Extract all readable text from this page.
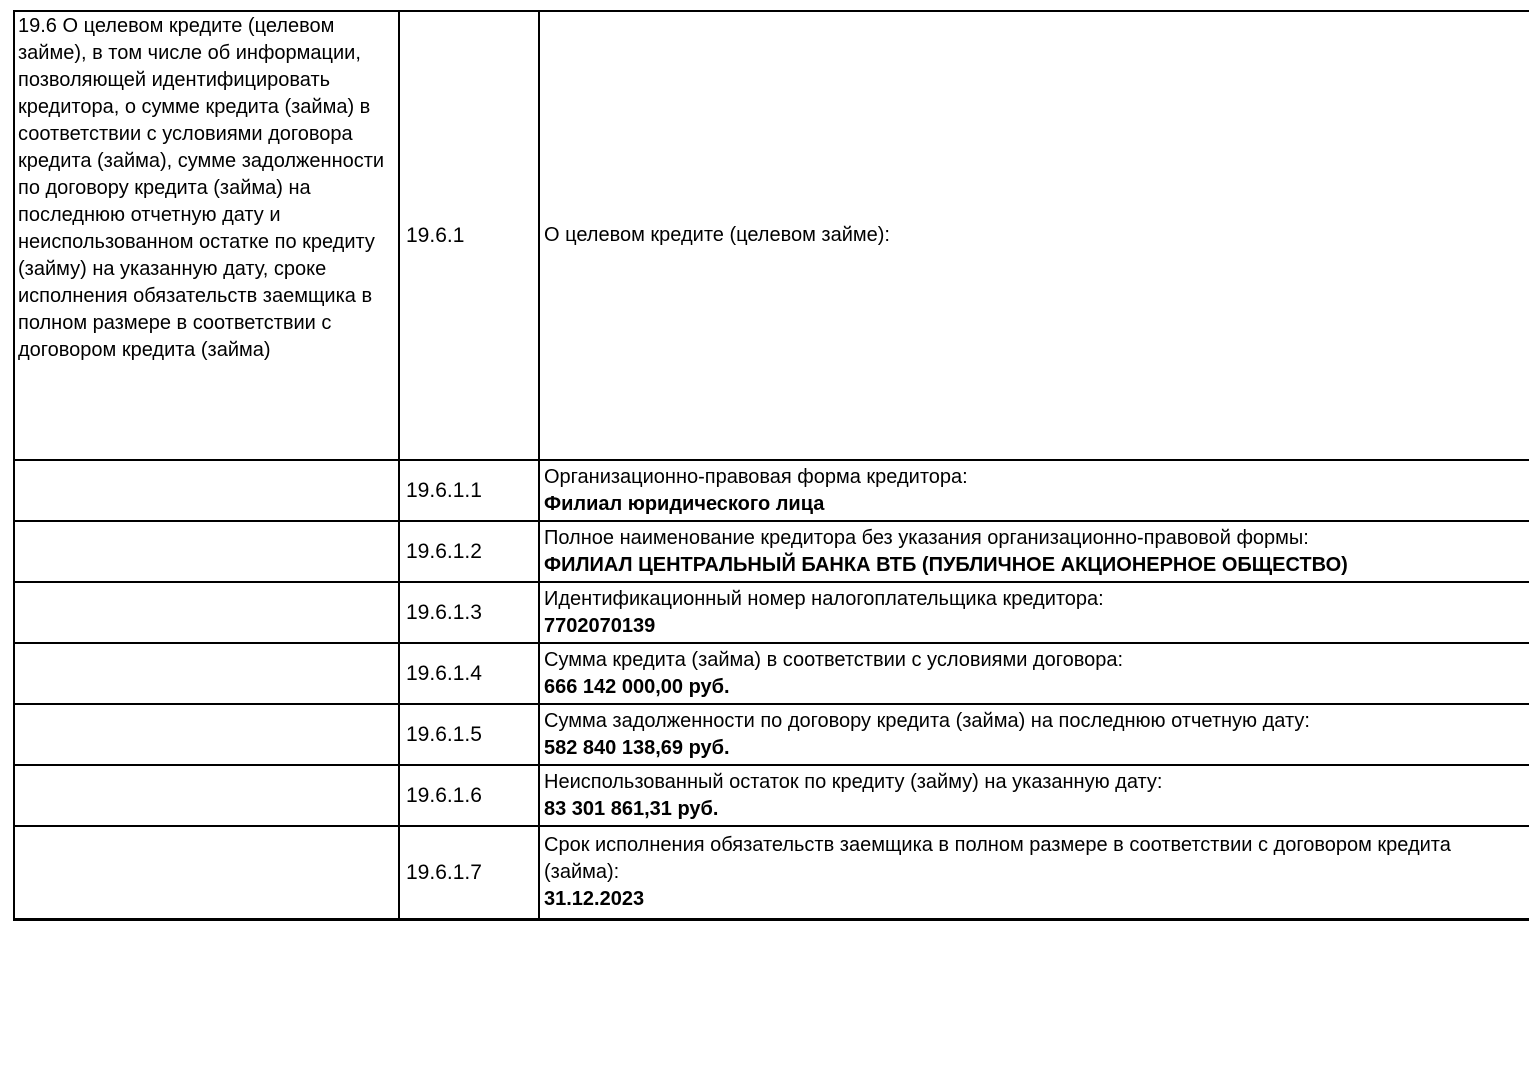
19.6 О целевом кредите (целевом займе), в том числе об информации, позволяющей идентифицировать кредитора, о сумме кредита (займа) в соответствии с условиями договора кредита (займа), сумме задолженности по договору кредита (займа) на последнюю отчетную дату и неиспользованном остатке по кредиту (займу) на указанную дату, сроке исполнения обязательств заемщика в полном размере в соответствии с договором кредита (займа)	19.6.1	О целевом кредите (целевом займе):

	19.6.1.1	Организационно-правовая форма кредитора:
Филиал юридического лица

	19.6.1.2	Полное наименование кредитора без указания организационно-правовой формы:
ФИЛИАЛ ЦЕНТРАЛЬНЫЙ БАНКА ВТБ (ПУБЛИЧНОЕ АКЦИОНЕРНОЕ ОБЩЕСТВО)

	19.6.1.3	Идентификационный номер налогоплательщика кредитора:
7702070139

	19.6.1.4	Сумма кредита (займа) в соответствии с условиями договора:
666 142 000,00 руб.

	19.6.1.5	Сумма задолженности по договору кредита (займа) на последнюю отчетную дату:
582 840 138,69 руб.

	19.6.1.6	Неиспользованный остаток по кредиту (займу) на указанную дату:
83 301 861,31 руб.

	19.6.1.7	Срок исполнения обязательств заемщика в полном размере в соответствии с договором кредита (займа):
31.12.2023
